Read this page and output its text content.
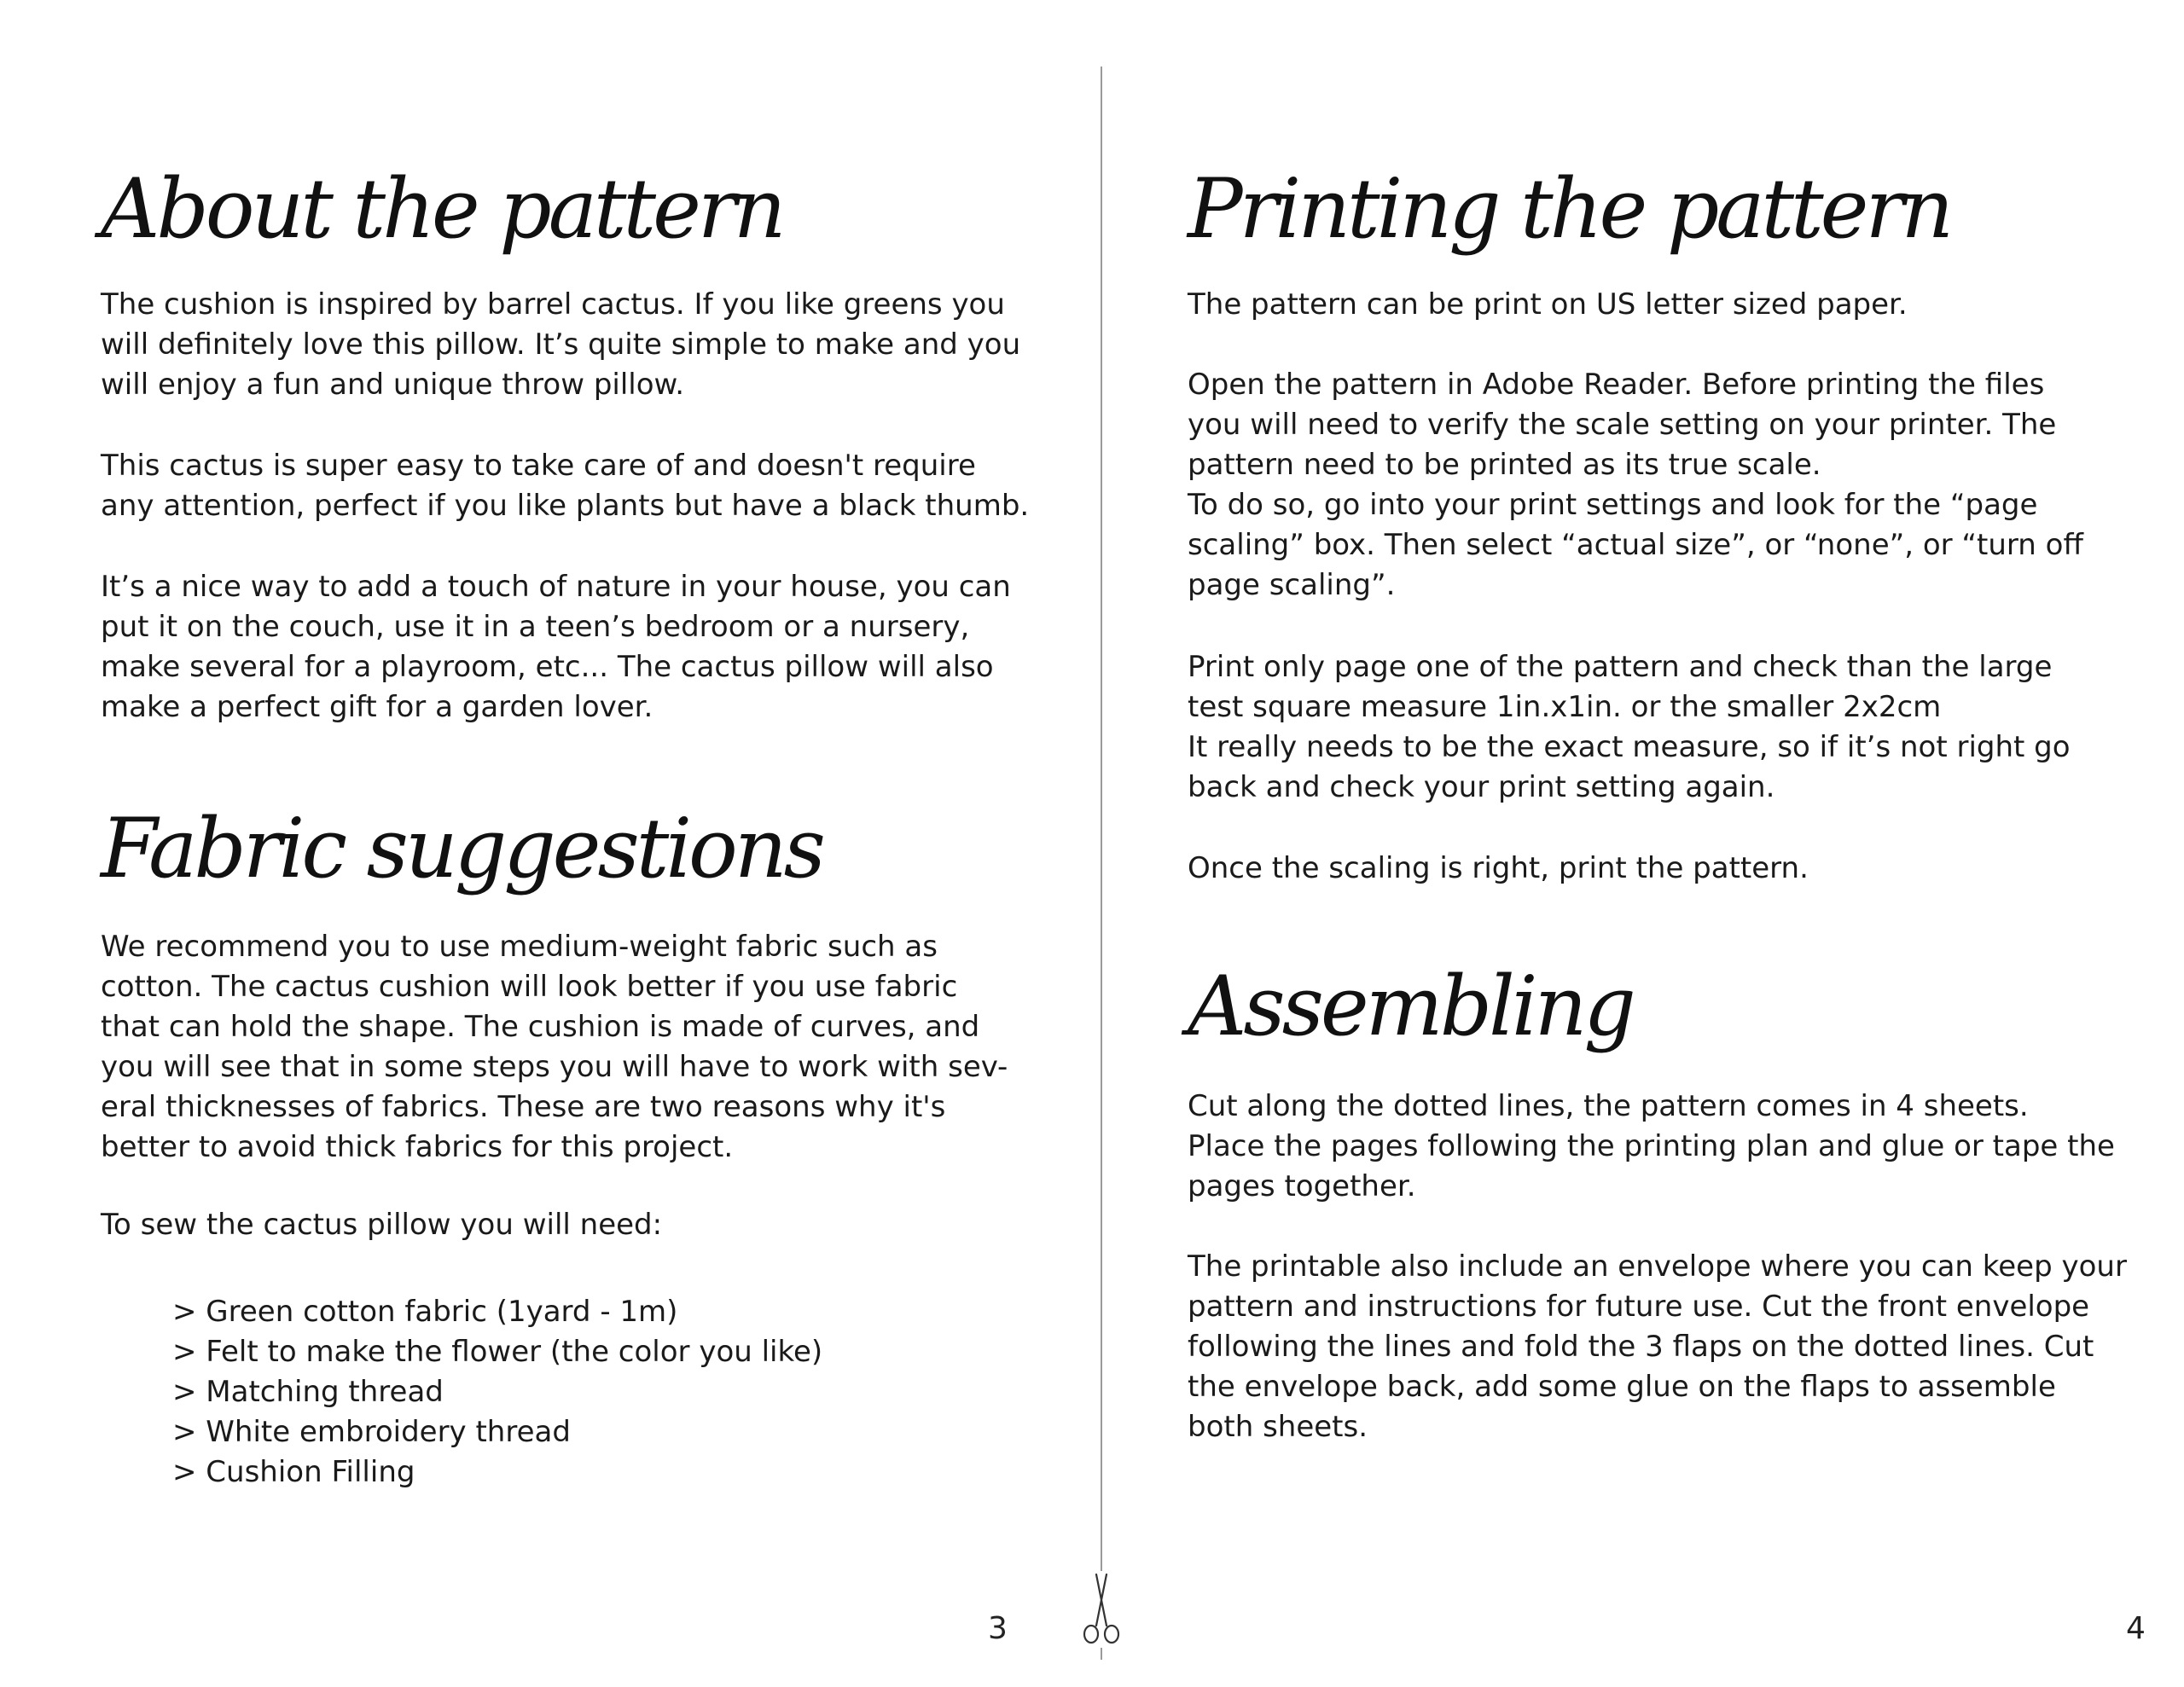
About the pattern

The cushion is inspired by barrel cactus. If you like greens you
will definitely love this pillow. It’s quite simple to make and you
will enjoy a fun and unique throw pillow.

This cactus is super easy to take care of and doesn't require
any attention, perfect if you like plants but have a black thumb.

It’s a nice way to add a touch of nature in your house, you can
put it on the couch, use it in a teen’s bedroom or a nursery,
make several for a playroom, etc... The cactus pillow will also
make a perfect gift for a garden lover.

Fabric suggestions

We recommend you to use medium-weight fabric such as
cotton. The cactus cushion will look better if you use fabric
that can hold the shape. The cushion is made of curves, and
you will see that in some steps you will have to work with sev-
eral thicknesses of fabrics. These are two reasons why it's
better to avoid thick fabrics for this project.

To sew the cactus pillow you will need:

> Green cotton fabric (1yard - 1m)
> Felt to make the flower (the color you like)
> Matching thread
> White embroidery thread
> Cushion Filling
3
Printing the pattern

The pattern can be print on US letter sized paper.

Open the pattern in Adobe Reader. Before printing the files
you will need to verify the scale setting on your printer. The
pattern need to be printed as its true scale.
To do so, go into your print settings and look for the “page
scaling” box. Then select “actual size”, or “none”, or “turn off
page scaling”.

Print only page one of the pattern and check than the large
test square measure 1in.x1in. or the smaller 2x2cm
It really needs to be the exact measure, so if it’s not right go
back and check your print setting again.

Once the scaling is right, print the pattern.

Assembling

Cut along the dotted lines, the pattern comes in 4 sheets.
Place the pages following the printing plan and glue or tape the
pages together.

The printable also include an envelope where you can keep your
pattern and instructions for future use. Cut the front envelope
following the lines and fold the 3 flaps on the dotted lines. Cut
the envelope back, add some glue on the flaps to assemble
both sheets.

4
